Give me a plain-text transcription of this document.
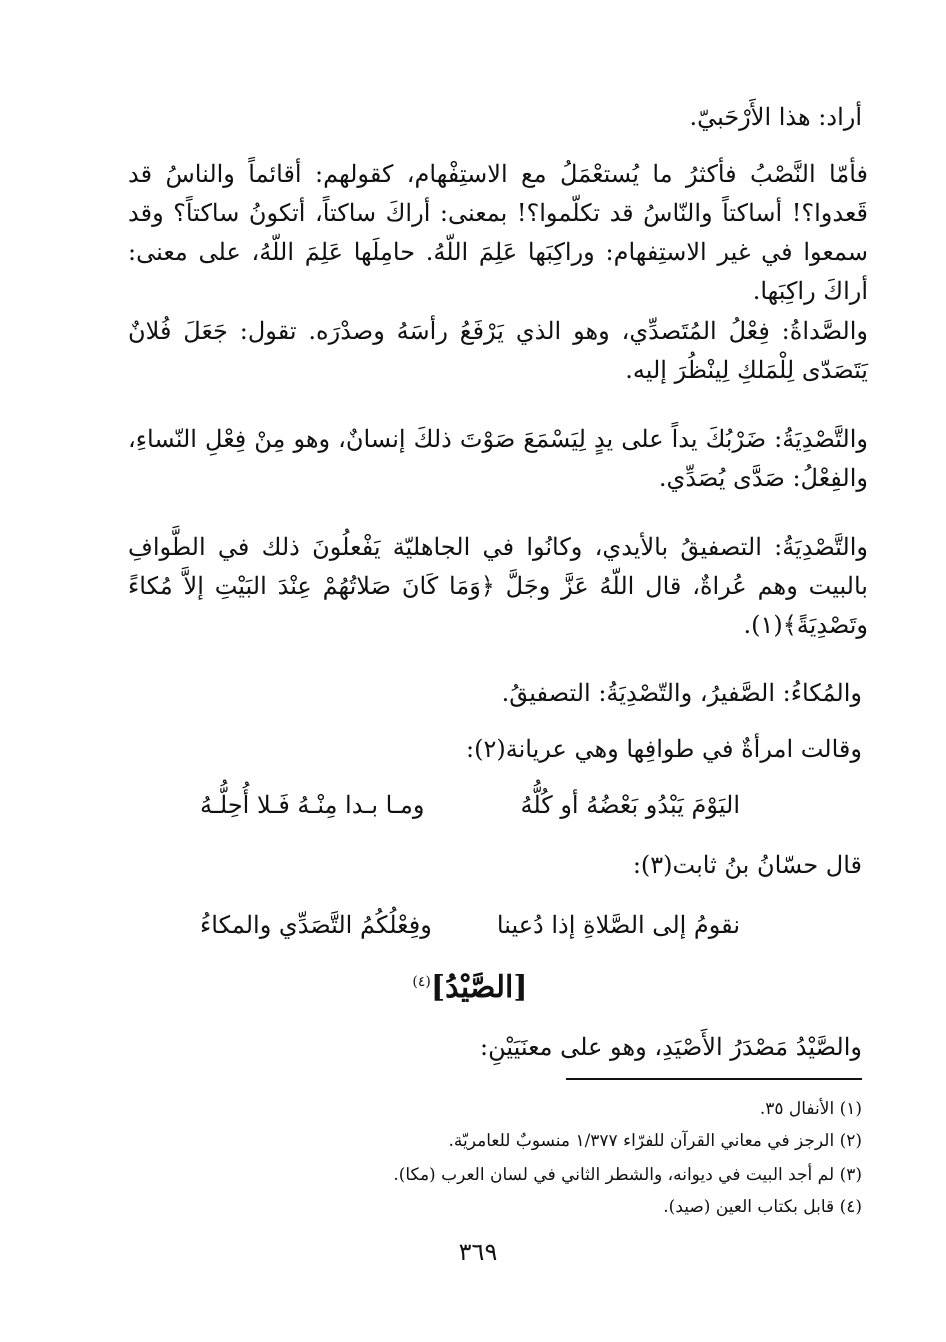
أراد: هذا الأَرْحَبيّ.

فأمّا النَّصْبُ فأكثرُ ما يُستعْمَلُ مع الاستِفْهام، كقولهم: أقائماً والناسُ قد قَعدوا؟! أساكتاً والنّاسُ قد تكلّموا؟! بمعنى: أراكَ ساكتاً، أتكونُ ساكتاً؟ وقد سمعوا في غير الاستِفهام: وراكِبَها عَلِمَ اللّهُ. حامِلَها عَلِمَ اللّهُ، على معنى: أراكَ راكِبَها.

والصَّداةُ: فِعْلُ المُتَصدِّي، وهو الذي يَرْفَعُ رأسَهُ وصدْرَه. تقول: جَعَلَ فُلانٌ يَتَصَدّى لِلْمَلكِ لِينْظُرَ إليه.

والتَّصْدِيَةُ: ضَرْبُكَ يداً على يدٍ لِيَسْمَعَ صَوْتَ ذلكَ إنسانٌ، وهو مِنْ فِعْلِ النّساءِ، والفِعْلُ: صَدَّى يُصَدِّي.

والتَّصْدِيَةُ: التصفيقُ بالأيدي، وكانُوا في الجاهليّة يَفْعلُونَ ذلك في الطَّوافِ بالبيت وهم عُراةٌ، قال اللّهُ عَزَّ وجَلَّ ﴿وَمَا كَانَ صَلاتُهُمْ عِنْدَ البَيْتِ إلاَّ مُكاءً وتَصْدِيَةً﴾(١).

والمُكاءُ: الصَّفيرُ، والتّصْدِيَةُ: التصفيقُ.

وقالت امرأةٌ في طوافِها وهي عريانة(٢):

اليَوْمَ يَبْدُو بَعْضُهُ أو كُلُّهُ
ومـا بـدا مِنْـهُ فَـلا أُحِلُّـهُ

قال حسّانُ بنُ ثابت(٣):

نقومُ إلى الصَّلاةِ إذا دُعينا
وفِعْلُكُمُ التَّصَدِّي والمكاءُ
[الصَّيْدُ]$^{(٤)}$

والصَّيْدُ مَصْدَرُ الأَصْيَدِ، وهو على معنَيَيْنِ:

(١) الأنفال ٣٥.
(٢) الرجز في معاني القرآن للفرّاء ١/٣٧٧ منسوبٌ للعامريّة.
(٣) لم أجد البيت في ديوانه، والشطر الثاني في لسان العرب (مكا).
(٤) قابل بكتاب العين (صيد).
٣٦٩
